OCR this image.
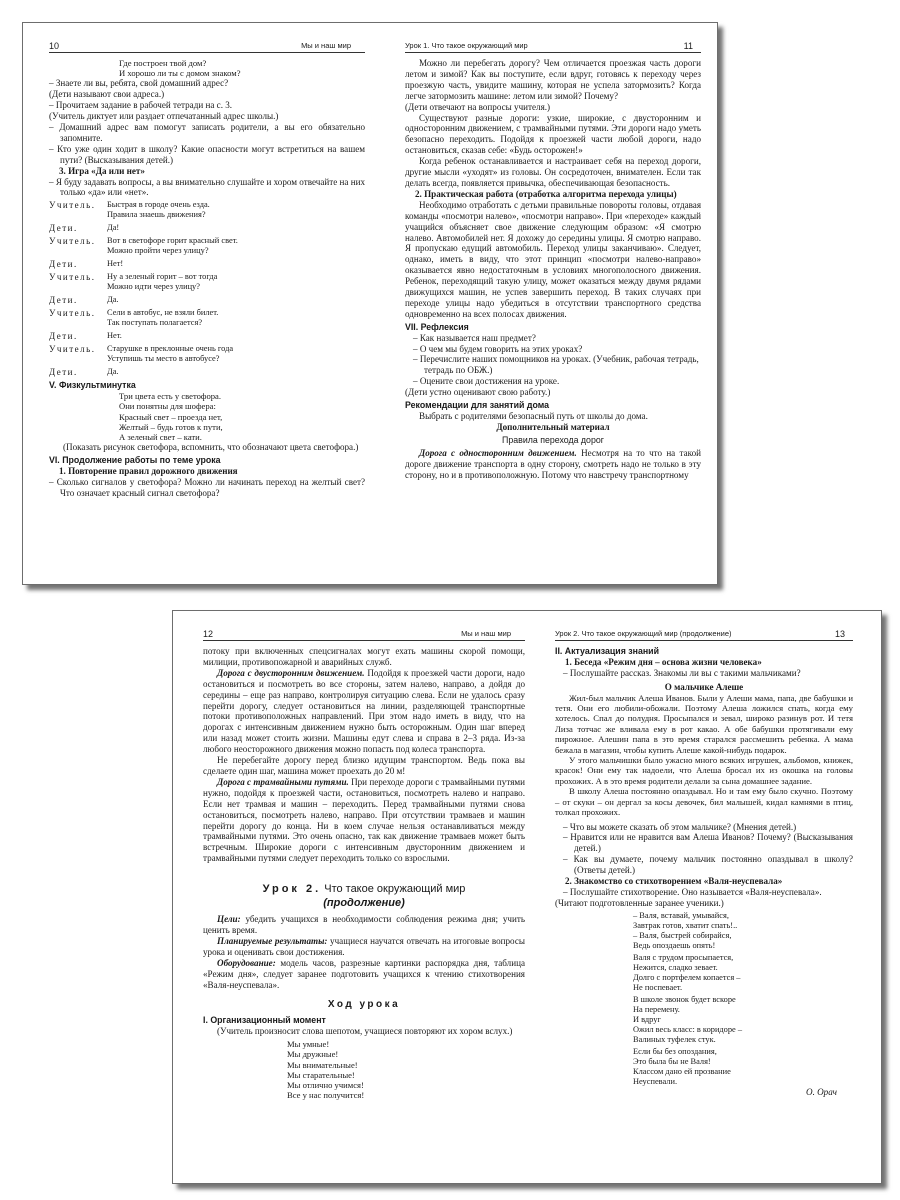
10	Мы и наш мир

Где построен твой дом?

И хорошо ли ты с домом знаком?

– Знаете ли вы, ребята, свой домашний адрес?

(Дети называют свои адреса.)

– Прочитаем задание в рабочей тетради на с. 3.

(Учитель диктует или раздает отпечатанный адрес школы.)

– Домашний адрес вам помогут записать родители, а вы его обязательно запомните.

– Кто уже один ходит в школу? Какие опасности могут встретиться на вашем пути? (Высказывания детей.)

3. Игра «Да или нет»

– Я буду задавать вопросы, а вы внимательно слушайте и хором отвечайте на них только «да» или «нет».

Учитель.	Быстрая в городе очень езда.
Правила знаешь движения?
Дети.	Да!
Учитель.	Вот в светофоре горит красный свет.
Можно пройти через улицу?
Дети.	Нет!
Учитель.	Ну а зеленый горит – вот тогда
Можно идти через улицу?
Дети.	Да.
Учитель.	Сели в автобус, не взяли билет.
Так поступать полагается?
Дети.	Нет.
Учитель.	Старушке в преклонные очень года
Уступишь ты место в автобусе?
Дети.	Да.

V. Физкультминутка

Три цвета есть у светофора.

Они понятны для шофера:

Красный свет – проезда нет,

Желтый – будь готов к пути,

А зеленый свет – кати.

(Показать рисунок светофора, вспомнить, что обозначают цвета светофора.)

VI. Продолжение работы по теме урока

1. Повторение правил дорожного движения

– Сколько сигналов у светофора? Можно ли начинать переход на желтый свет? Что означает красный сигнал светофора?

Урок 1. Что такое окружающий мир	11

Можно ли перебегать дорогу? Чем отличается проезжая часть дороги летом и зимой? Как вы поступите, если вдруг, готовясь к переходу через проезжую часть, увидите машину, которая не успела затормозить? Когда легче затормозить машине: летом или зимой? Почему?

(Дети отвечают на вопросы учителя.)

Существуют разные дороги: узкие, широкие, с двусторонним и односторонним движением, с трамвайными путями. Эти дороги надо уметь безопасно переходить. Подойдя к проезжей части любой дороги, надо остановиться, сказав себе: «Будь осторожен!»

Когда ребенок останавливается и настраивает себя на переход дороги, другие мысли «уходят» из головы. Он сосредоточен, внимателен. Если так делать всегда, появляется привычка, обеспечивающая безопасность.

2. Практическая работа (отработка алгоритма перехода улицы)

Необходимо отработать с детьми правильные повороты головы, отдавая команды «посмотри налево», «посмотри направо». При «переходе» каждый учащийся объясняет свое движение следующим образом: «Я смотрю налево. Автомобилей нет. Я дохожу до середины улицы. Я смотрю направо. Я пропускаю едущий автомобиль. Переход улицы заканчиваю». Следует, однако, иметь в виду, что этот принцип «посмотри налево-направо» оказывается явно недостаточным в условиях многополосного движения. Ребенок, переходящий такую улицу, может оказаться между двумя рядами движущихся машин, не успев завершить переход. В таких случаях при переходе улицы надо убедиться в отсутствии транспортного средства одновременно на всех полосах движения.

VII. Рефлексия

– Как называется наш предмет?

– О чем мы будем говорить на этих уроках?

– Перечислите наших помощников на уроках. (Учебник, рабочая тетрадь, тетрадь по ОБЖ.)

– Оцените свои достижения на уроке.

(Дети устно оценивают свою работу.)

Рекомендации для занятий дома

Выбрать с родителями безопасный путь от школы до дома.

Дополнительный материал

Правила перехода дорог

Дорога с односторонним движением. Несмотря на то что на такой дороге движение транспорта в одну сторону, смотреть надо не только в эту сторону, но и в противоположную. Потому что навстречу транспортному

12	Мы и наш мир

потоку при включенных спецсигналах могут ехать машины скорой помощи, милиции, противопожарной и аварийных служб.

Дорога с двусторонним движением. Подойдя к проезжей части дороги, надо остановиться и посмотреть во все стороны, затем налево, направо, а дойдя до середины – еще раз направо, контролируя ситуацию слева. Если не удалось сразу перейти дорогу, следует остановиться на линии, разделяющей транспортные потоки противоположных направлений. При этом надо иметь в виду, что на дорогах с интенсивным движением нужно быть осторожным. Один шаг вперед или назад может стоить жизни. Машины едут слева и справа в 2–3 ряда. Из-за любого неосторожного движения можно попасть под колеса транспорта.

Не перебегайте дорогу перед близко идущим транспортом. Ведь пока вы сделаете один шаг, машина может проехать до 20 м!

Дорога с трамвайными путями. При переходе дороги с трамвайными путями нужно, подойдя к проезжей части, остановиться, посмотреть налево и направо. Если нет трамвая и машин – переходить. Перед трамвайными путями снова остановиться, посмотреть налево, направо. При отсутствии трамваев и машин перейти дорогу до конца. Ни в коем случае нельзя останавливаться между трамвайными путями. Это очень опасно, так как движение трамваев может быть встречным. Широкие дороги с интенсивным двусторонним движением и трамвайными путями следует переходить только со взрослыми.

Урок 2. Что такое окружающий мир
(продолжение)

Цели: убедить учащихся в необходимости соблюдения режима дня; учить ценить время.

Планируемые результаты: учащиеся научатся отвечать на итоговые вопросы урока и оценивать свои достижения.

Оборудование: модель часов, разрезные картинки распорядка дня, таблица «Режим дня», следует заранее подготовить учащихся к чтению стихотворения «Валя-неуспевала».

Ход урока

I. Организационный момент

(Учитель произносит слова шепотом, учащиеся повторяют их хором вслух.)

Мы умные!
Мы дружные!
Мы внимательные!
Мы старательные!
Мы отлично учимся!
Все у нас получится!
Урок 2. Что такое окружающий мир (продолжение)	13

II. Актуализация знаний

1. Беседа «Режим дня – основа жизни человека»

– Послушайте рассказ. Знакомы ли вы с такими мальчиками?

О мальчике Алеше

Жил-был мальчик Алеша Иванов. Были у Алеши мама, папа, две бабушки и тетя. Они его любили-обожали. Поэтому Алеша ложился спать, когда ему хотелось. Спал до полудня. Просыпался и зевал, широко разинув рот. И тетя Лиза тотчас же вливала ему в рот какао. А обе бабушки протягивали ему пирожное. Алешин папа в это время старался рассмешить ребенка. А мама бежала в магазин, чтобы купить Алеше какой-нибудь подарок.

У этого мальчишки было ужасно много всяких игрушек, альбомов, книжек, красок! Они ему так надоели, что Алеша бросал их из окошка на головы прохожих. А в это время родители делали за сына домашнее задание.

В школу Алеша постоянно опаздывал. Но и там ему было скучно. Поэтому – от скуки – он дергал за косы девочек, бил малышей, кидал камнями в птиц, толкал прохожих.

– Что вы можете сказать об этом мальчике? (Мнения детей.)

– Нравится или не нравится вам Алеша Иванов? Почему? (Высказывания детей.)

– Как вы думаете, почему мальчик постоянно опаздывал в школу? (Ответы детей.)

2. Знакомство со стихотворением «Валя-неуспевала»

– Послушайте стихотворение. Оно называется «Валя-неуспевала».

(Читают подготовленные заранее ученики.)

– Валя, вставай, умывайся,
Завтрак готов, хватит спать!..
– Валя, быстрей собирайся,
Ведь опоздаешь опять!
Валя с трудом просыпается,
Нежится, сладко зевает.
Долго с портфелем копается –
Не поспевает.
В школе звонок будет вскоре
На перемену.
И вдруг
Ожил весь класс: в коридоре –
Валиных туфелек стук.
Если бы без опоздания,
Это была бы не Валя!
Классом дано ей прозвание
Неуспевали.

О. Орач
